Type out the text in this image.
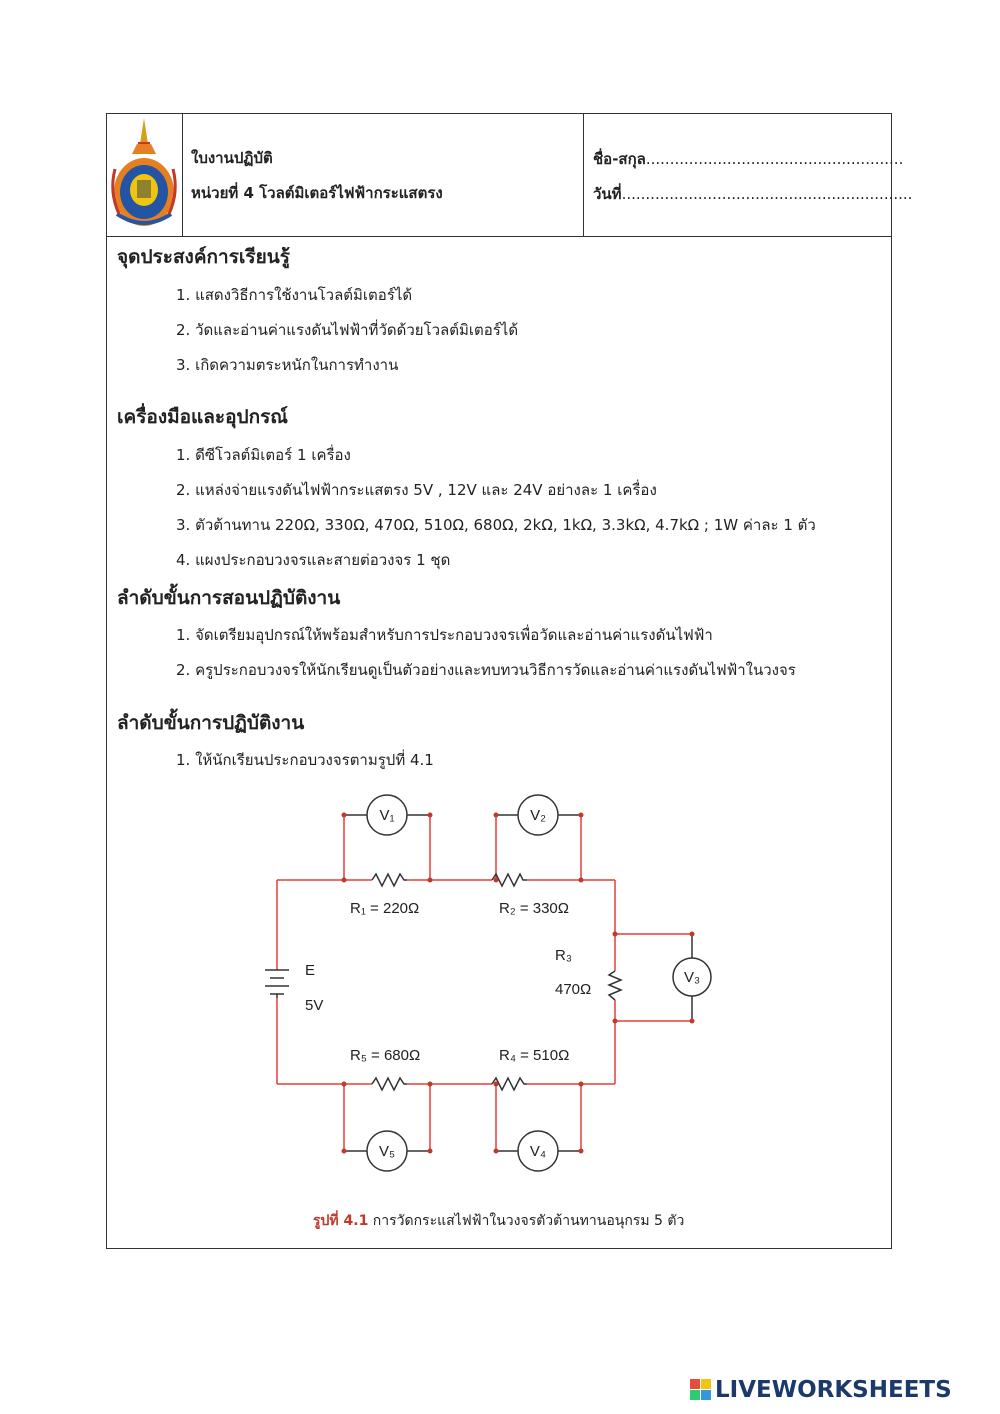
ใบงานปฏิบัติ
หน่วยที่ 4 โวลต์มิเตอร์ไฟฟ้ากระแสตรง
ชื่อ-สกุล......................................................
วันที่.............................................................
จุดประสงค์การเรียนรู้
1. แสดงวิธีการใช้งานโวลต์มิเตอร์ได้
2. วัดและอ่านค่าแรงดันไฟฟ้าที่วัดด้วยโวลต์มิเตอร์ได้
3. เกิดความตระหนักในการทำงาน
เครื่องมือและอุปกรณ์
1. ดีซีโวลต์มิเตอร์ 1 เครื่อง
2. แหล่งจ่ายแรงดันไฟฟ้ากระแสตรง 5V , 12V และ 24V อย่างละ 1 เครื่อง
3. ตัวต้านทาน 220Ω, 330Ω, 470Ω, 510Ω, 680Ω, 2kΩ, 1kΩ, 3.3kΩ, 4.7kΩ ; 1W ค่าละ 1 ตัว
4. แผงประกอบวงจรและสายต่อวงจร 1 ชุด
ลำดับขั้นการสอนปฏิบัติงาน
1. จัดเตรียมอุปกรณ์ให้พร้อมสำหรับการประกอบวงจรเพื่อวัดและอ่านค่าแรงดันไฟฟ้า
2. ครูประกอบวงจรให้นักเรียนดูเป็นตัวอย่างและทบทวนวิธีการวัดและอ่านค่าแรงดันไฟฟ้าในวงจร
ลำดับขั้นการปฏิบัติงาน
1. ให้นักเรียนประกอบวงจรตามรูปที่ 4.1
V₁	V₂
V₃
V₅	V₄
R₁ = 220Ω	R₂ = 330Ω
R₃
470Ω
R₅ = 680Ω	R₄ = 510Ω
E
5V
รูปที่ 4.1 การวัดกระแสไฟฟ้าในวงจรตัวต้านทานอนุกรม 5 ตัว
LIVEWORKSHEETS
